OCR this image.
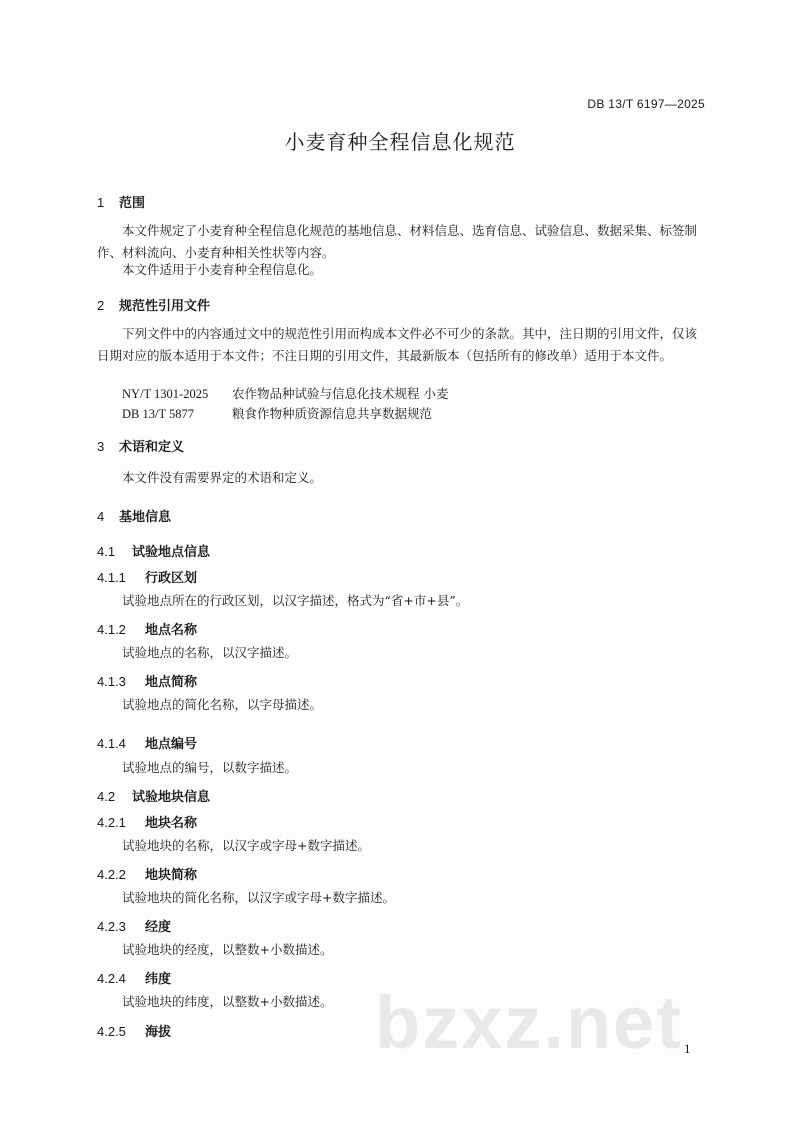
DB 13/T 6197—2025
小麦育种全程信息化规范
1 范围
本文件规定了小麦育种全程信息化规范的基地信息、材料信息、选育信息、试验信息、数据采集、标签制作、材料流向、小麦育种相关性状等内容。
本文件适用于小麦育种全程信息化。
2 规范性引用文件
下列文件中的内容通过文中的规范性引用而构成本文件必不可少的条款。其中，注日期的引用文件，仅该日期对应的版本适用于本文件；不注日期的引用文件，其最新版本（包括所有的修改单）适用于本文件。
NY/T 1301-2025 农作物品种试验与信息化技术规程 小麦
DB 13/T 5877	粮食作物种质资源信息共享数据规范
3 术语和定义
本文件没有需要界定的术语和定义。
4 基地信息
4.1 试验地点信息
4.1.1 行政区划
试验地点所在的行政区划，以汉字描述，格式为“省+市+县”。
4.1.2 地点名称
试验地点的名称，以汉字描述。
4.1.3 地点简称
试验地点的简化名称，以字母描述。
4.1.4 地点编号
试验地点的编号，以数字描述。
4.2 试验地块信息
4.2.1 地块名称
试验地块的名称，以汉字或字母+数字描述。
4.2.2 地块简称
试验地块的简化名称，以汉字或字母+数字描述。
4.2.3 经度
试验地块的经度，以整数+小数描述。
4.2.4 纬度
试验地块的纬度，以整数+小数描述。
4.2.5 海拔	bzxz.net 1
